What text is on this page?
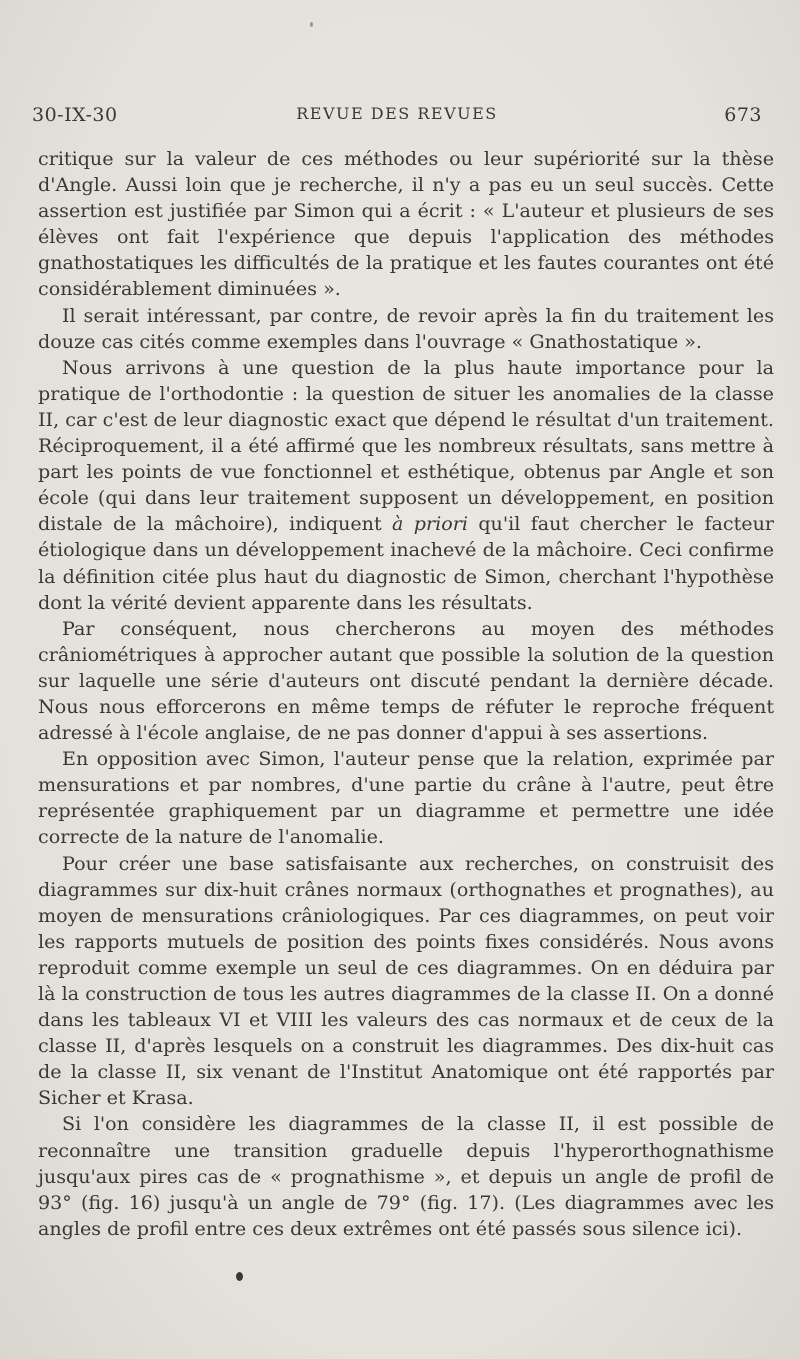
30-IX-30	REVUE DES REVUES	673

critique sur la valeur de ces méthodes ou leur supériorité sur la thèse d'Angle. Aussi loin que je recherche, il n'y a pas eu un seul succès. Cette assertion est justifiée par Simon qui a écrit : « L'auteur et plusieurs de ses élèves ont fait l'expérience que depuis l'application des méthodes gnathostatiques les difficultés de la pratique et les fautes courantes ont été considérablement diminuées ».

Il serait intéressant, par contre, de revoir après la fin du traitement les douze cas cités comme exemples dans l'ouvrage « Gnathostatique ».

Nous arrivons à une question de la plus haute importance pour la pratique de l'orthodontie : la question de situer les anomalies de la classe II, car c'est de leur diagnostic exact que dépend le résultat d'un traitement. Réciproquement, il a été affirmé que les nombreux résultats, sans mettre à part les points de vue fonctionnel et esthétique, obtenus par Angle et son école (qui dans leur traitement supposent un développement, en position distale de la mâchoire), indiquent à priori qu'il faut chercher le facteur étiologique dans un développement inachevé de la mâchoire. Ceci confirme la définition citée plus haut du diagnostic de Simon, cherchant l'hypothèse dont la vérité devient apparente dans les résultats.

Par conséquent, nous chercherons au moyen des méthodes crâniométriques à approcher autant que possible la solution de la question sur laquelle une série d'auteurs ont discuté pendant la dernière décade. Nous nous efforcerons en même temps de réfuter le reproche fréquent adressé à l'école anglaise, de ne pas donner d'appui à ses assertions.

En opposition avec Simon, l'auteur pense que la relation, exprimée par mensurations et par nombres, d'une partie du crâne à l'autre, peut être représentée graphiquement par un diagramme et permettre une idée correcte de la nature de l'anomalie.

Pour créer une base satisfaisante aux recherches, on construisit des diagrammes sur dix-huit crânes normaux (orthognathes et prognathes), au moyen de mensurations crâniologiques. Par ces diagrammes, on peut voir les rapports mutuels de position des points fixes considérés. Nous avons reproduit comme exemple un seul de ces diagrammes. On en déduira par là la construction de tous les autres diagrammes de la classe II. On a donné dans les tableaux VI et VIII les valeurs des cas normaux et de ceux de la classe II, d'après lesquels on a construit les diagrammes. Des dix-huit cas de la classe II, six venant de l'Institut Anatomique ont été rapportés par Sicher et Krasa.

Si l'on considère les diagrammes de la classe II, il est possible de reconnaître une transition graduelle depuis l'hyperorthognathisme jusqu'aux pires cas de « prognathisme », et depuis un angle de profil de 93° (fig. 16) jusqu'à un angle de 79° (fig. 17). (Les diagrammes avec les angles de profil entre ces deux extrêmes ont été passés sous silence ici).
